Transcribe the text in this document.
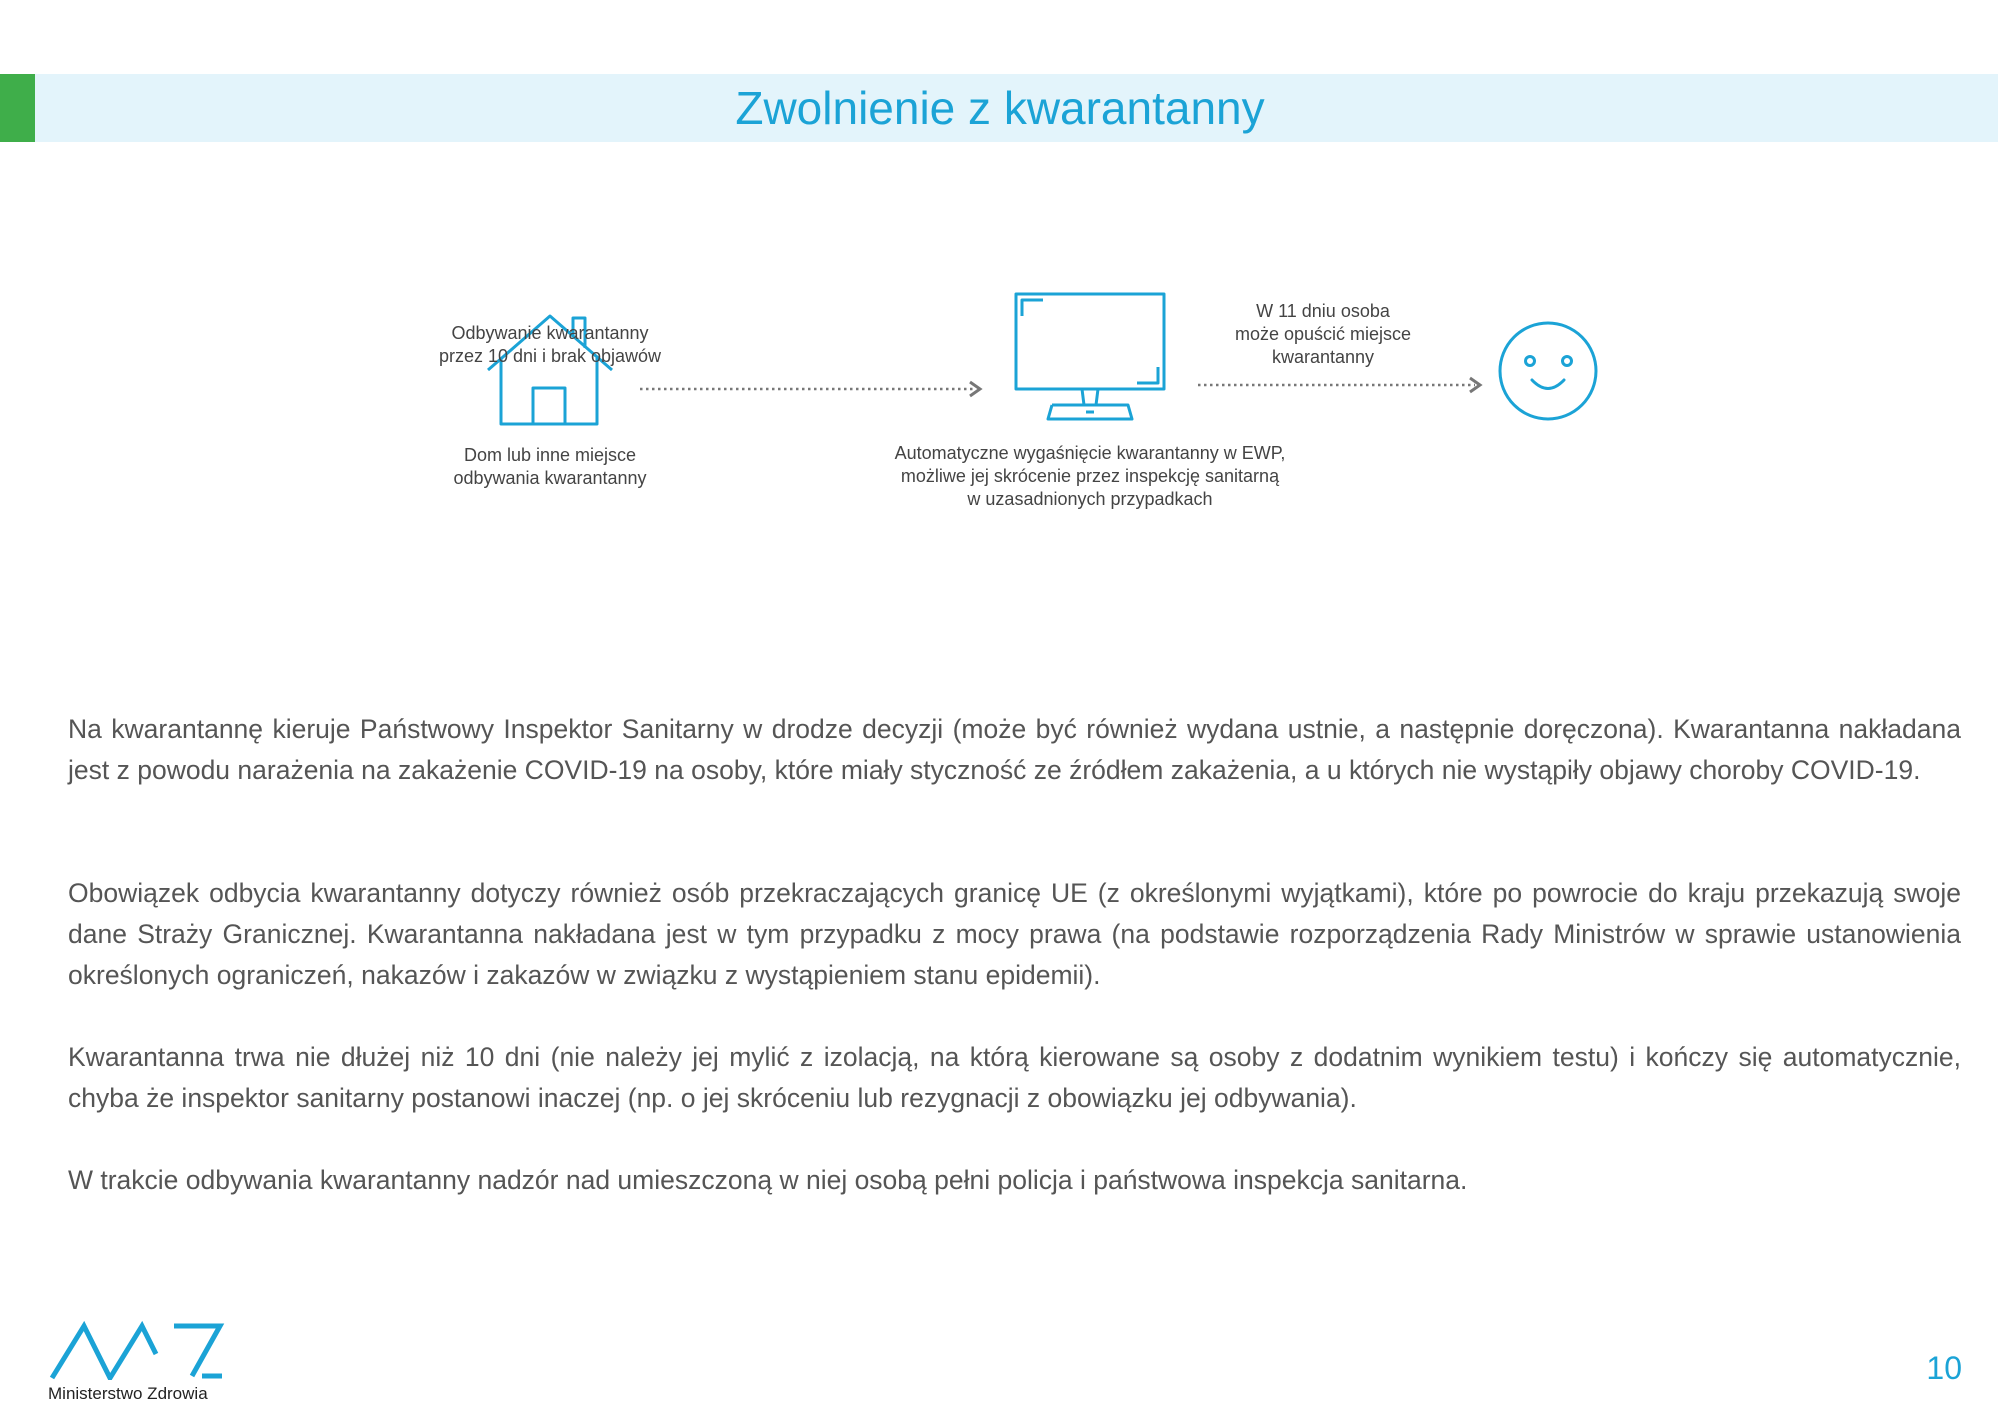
Zwolnienie z kwarantanny
Odbywanie kwarantanny
przez 10 dni i brak objawów
W 11 dniu osoba
może opuścić miejsce
kwarantanny
Dom lub inne miejsce
odbywania kwarantanny
Automatyczne wygaśnięcie kwarantanny w EWP,
możliwe jej skrócenie przez inspekcję sanitarną
w uzasadnionych przypadkach

Na kwarantannę kieruje Państwowy Inspektor Sanitarny w drodze decyzji (może być również wydana ustnie, a następnie doręczona). Kwarantanna nakładana jest z powodu narażenia na zakażenie COVID-19 na osoby, które miały styczność ze źródłem zakażenia, a u których nie wystąpiły objawy choroby COVID-19.

Obowiązek odbycia kwarantanny dotyczy również osób przekraczających granicę UE (z określonymi wyjątkami), które po powrocie do kraju przekazują swoje dane Straży Granicznej. Kwarantanna nakładana jest w tym przypadku z mocy prawa (na podstawie rozporządzenia Rady Ministrów w sprawie ustanowienia określonych ograniczeń, nakazów i zakazów w związku z wystąpieniem stanu epidemii).

Kwarantanna trwa nie dłużej niż 10 dni (nie należy jej mylić z izolacją, na którą kierowane są osoby z dodatnim wynikiem testu) i kończy się automatycznie, chyba że inspektor sanitarny postanowi inaczej (np. o jej skróceniu lub rezygnacji z obowiązku jej odbywania).

W trakcie odbywania kwarantanny nadzór nad umieszczoną w niej osobą pełni policja i państwowa inspekcja sanitarna.

Ministerstwo Zdrowia
10
